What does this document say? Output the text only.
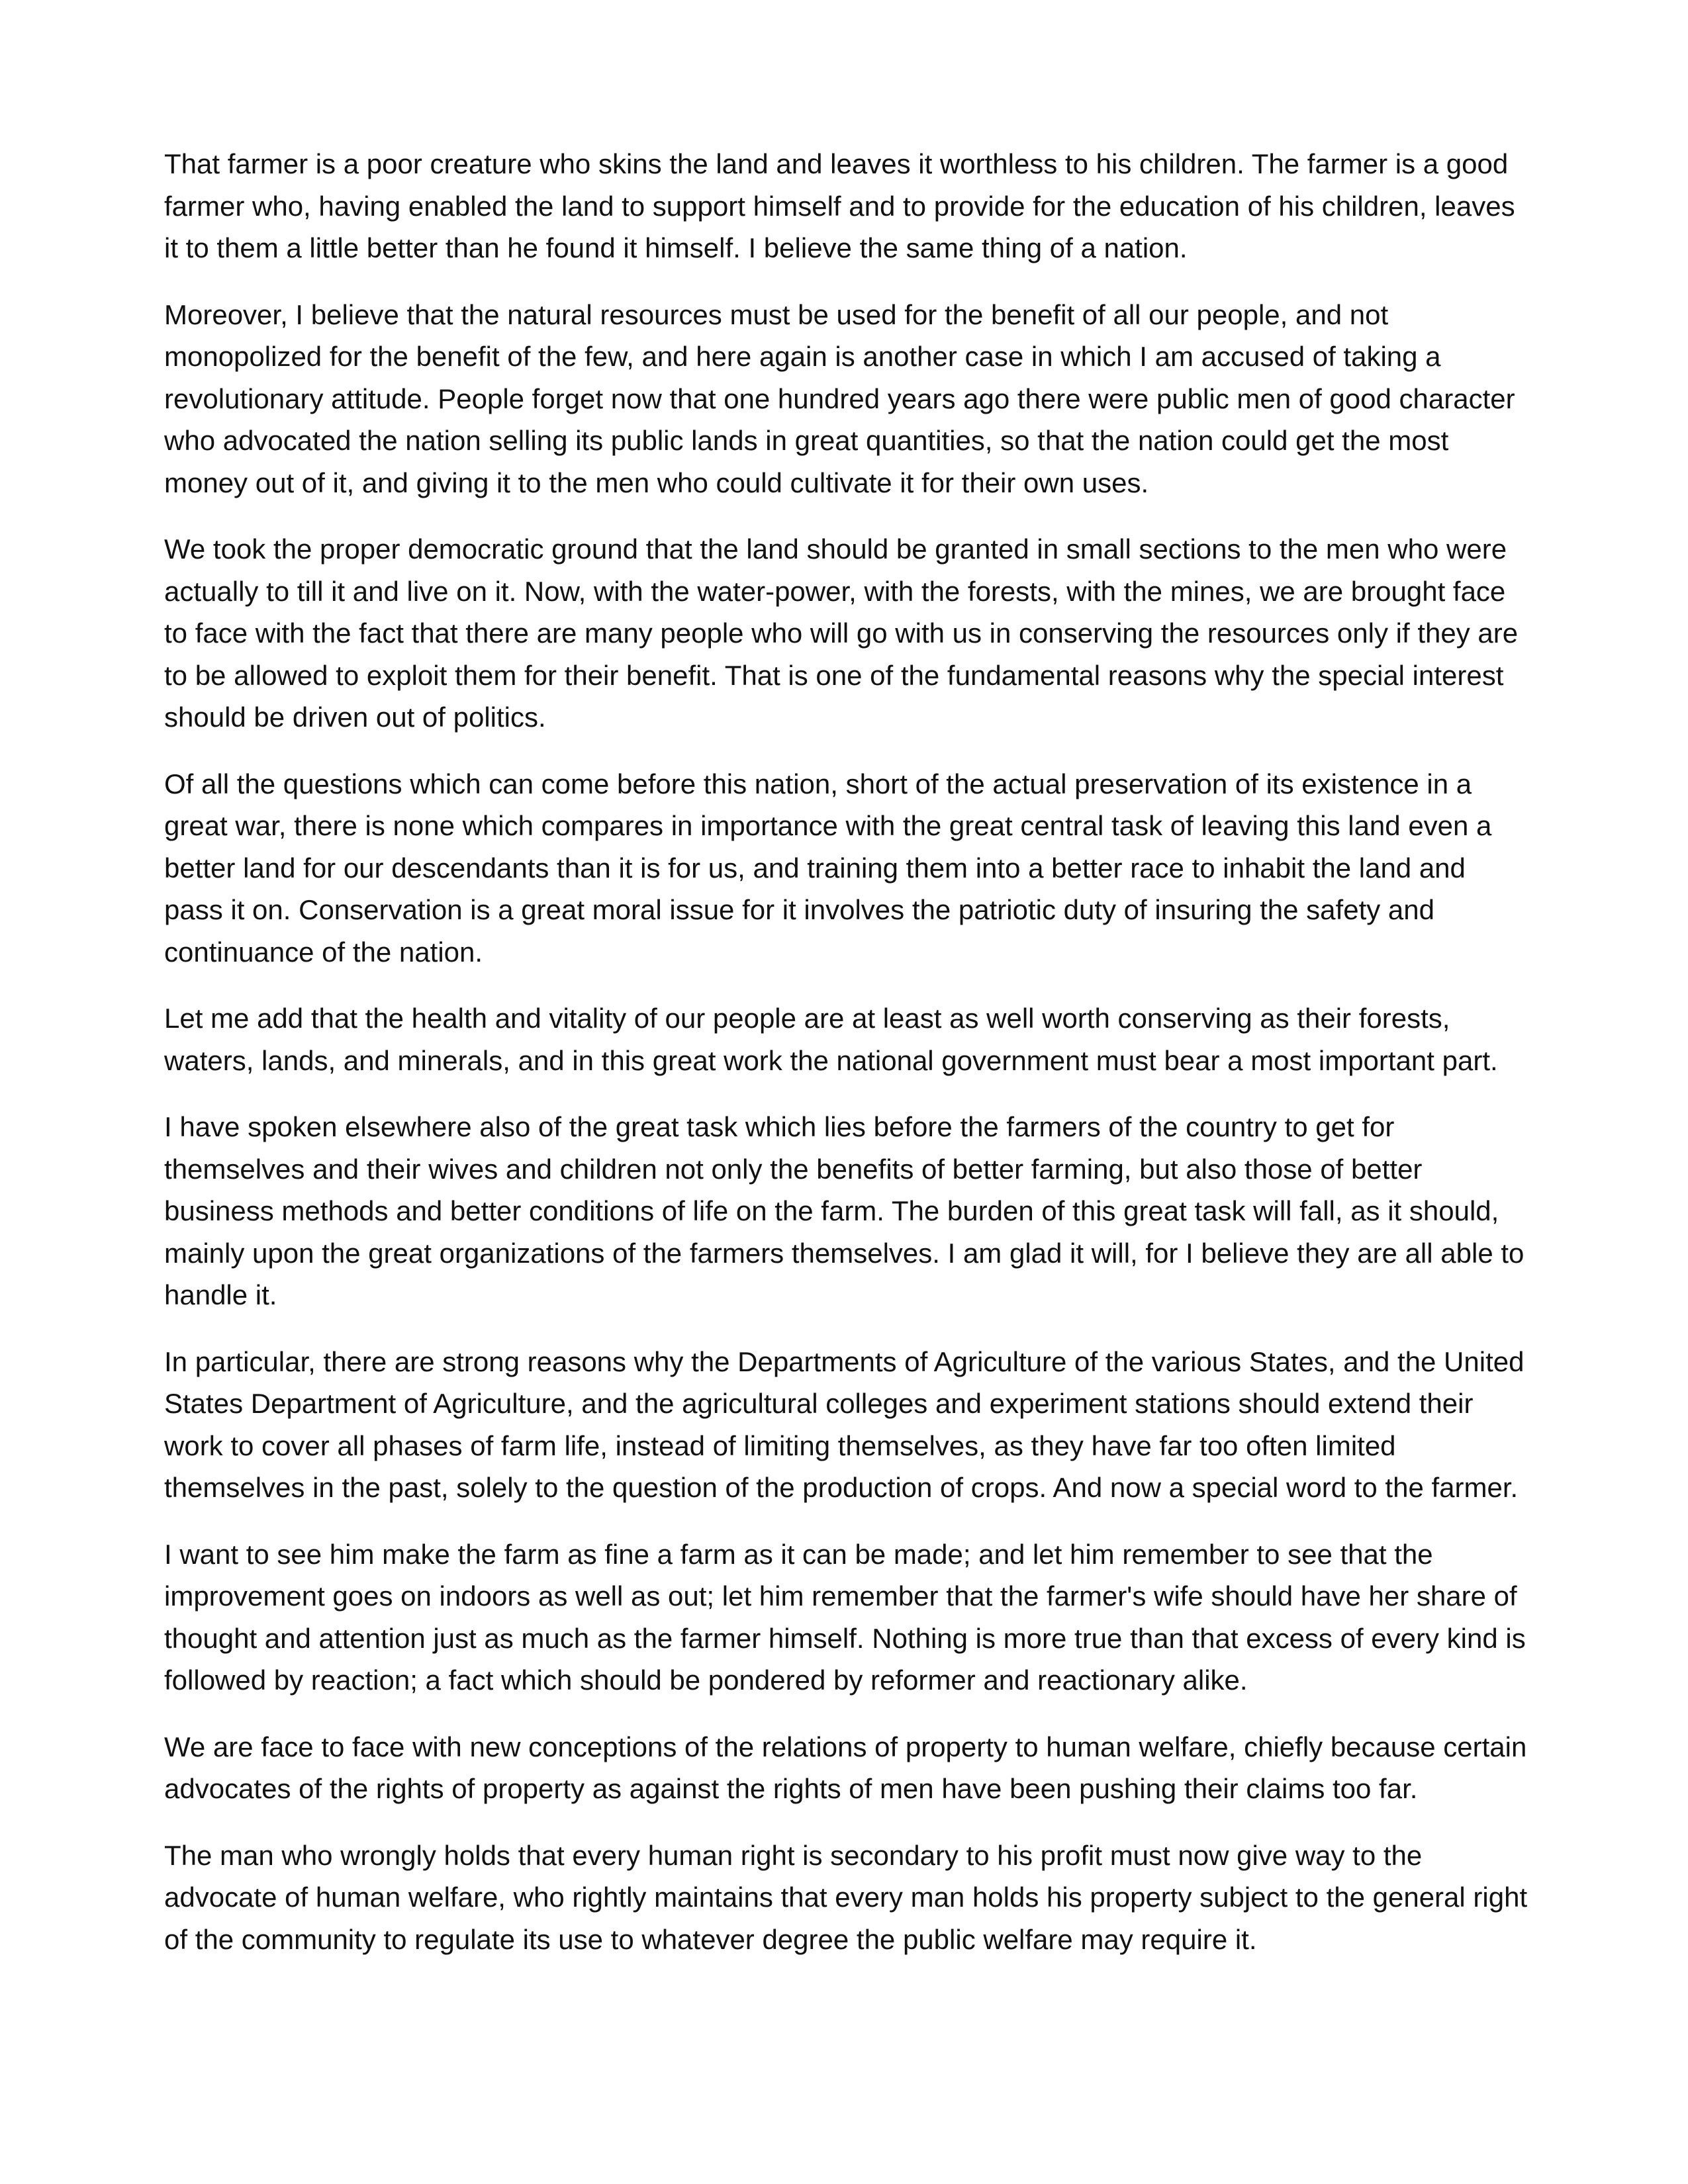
That farmer is a poor creature who skins the land and leaves it worthless to his children. The farmer is a good farmer who, having enabled the land to support himself and to provide for the education of his children, leaves it to them a little better than he found it himself. I believe the same thing of a nation.

Moreover, I believe that the natural resources must be used for the benefit of all our people, and not monopolized for the benefit of the few, and here again is another case in which I am accused of taking a revolutionary attitude. People forget now that one hundred years ago there were public men of good character who advocated the nation selling its public lands in great quantities, so that the nation could get the most money out of it, and giving it to the men who could cultivate it for their own uses.

We took the proper democratic ground that the land should be granted in small sections to the men who were actually to till it and live on it. Now, with the water-power, with the forests, with the mines, we are brought face to face with the fact that there are many people who will go with us in conserving the resources only if they are to be allowed to exploit them for their benefit. That is one of the fundamental reasons why the special interest should be driven out of politics.

Of all the questions which can come before this nation, short of the actual preservation of its existence in a great war, there is none which compares in importance with the great central task of leaving this land even a better land for our descendants than it is for us, and training them into a better race to inhabit the land and pass it on. Conservation is a great moral issue for it involves the patriotic duty of insuring the safety and continuance of the nation.

Let me add that the health and vitality of our people are at least as well worth conserving as their forests, waters, lands, and minerals, and in this great work the national government must bear a most important part.

I have spoken elsewhere also of the great task which lies before the farmers of the country to get for themselves and their wives and children not only the benefits of better farming, but also those of better business methods and better conditions of life on the farm. The burden of this great task will fall, as it should, mainly upon the great organizations of the farmers themselves. I am glad it will, for I believe they are all able to handle it.

In particular, there are strong reasons why the Departments of Agriculture of the various States, and the United States Department of Agriculture, and the agricultural colleges and experiment stations should extend their work to cover all phases of farm life, instead of limiting themselves, as they have far too often limited themselves in the past, solely to the question of the production of crops. And now a special word to the farmer.

I want to see him make the farm as fine a farm as it can be made; and let him remember to see that the improvement goes on indoors as well as out; let him remember that the farmer's wife should have her share of thought and attention just as much as the farmer himself. Nothing is more true than that excess of every kind is followed by reaction; a fact which should be pondered by reformer and reactionary alike.

We are face to face with new conceptions of the relations of property to human welfare, chiefly because certain advocates of the rights of property as against the rights of men have been pushing their claims too far.

The man who wrongly holds that every human right is secondary to his profit must now give way to the advocate of human welfare, who rightly maintains that every man holds his property subject to the general right of the community to regulate its use to whatever degree the public welfare may require it.
